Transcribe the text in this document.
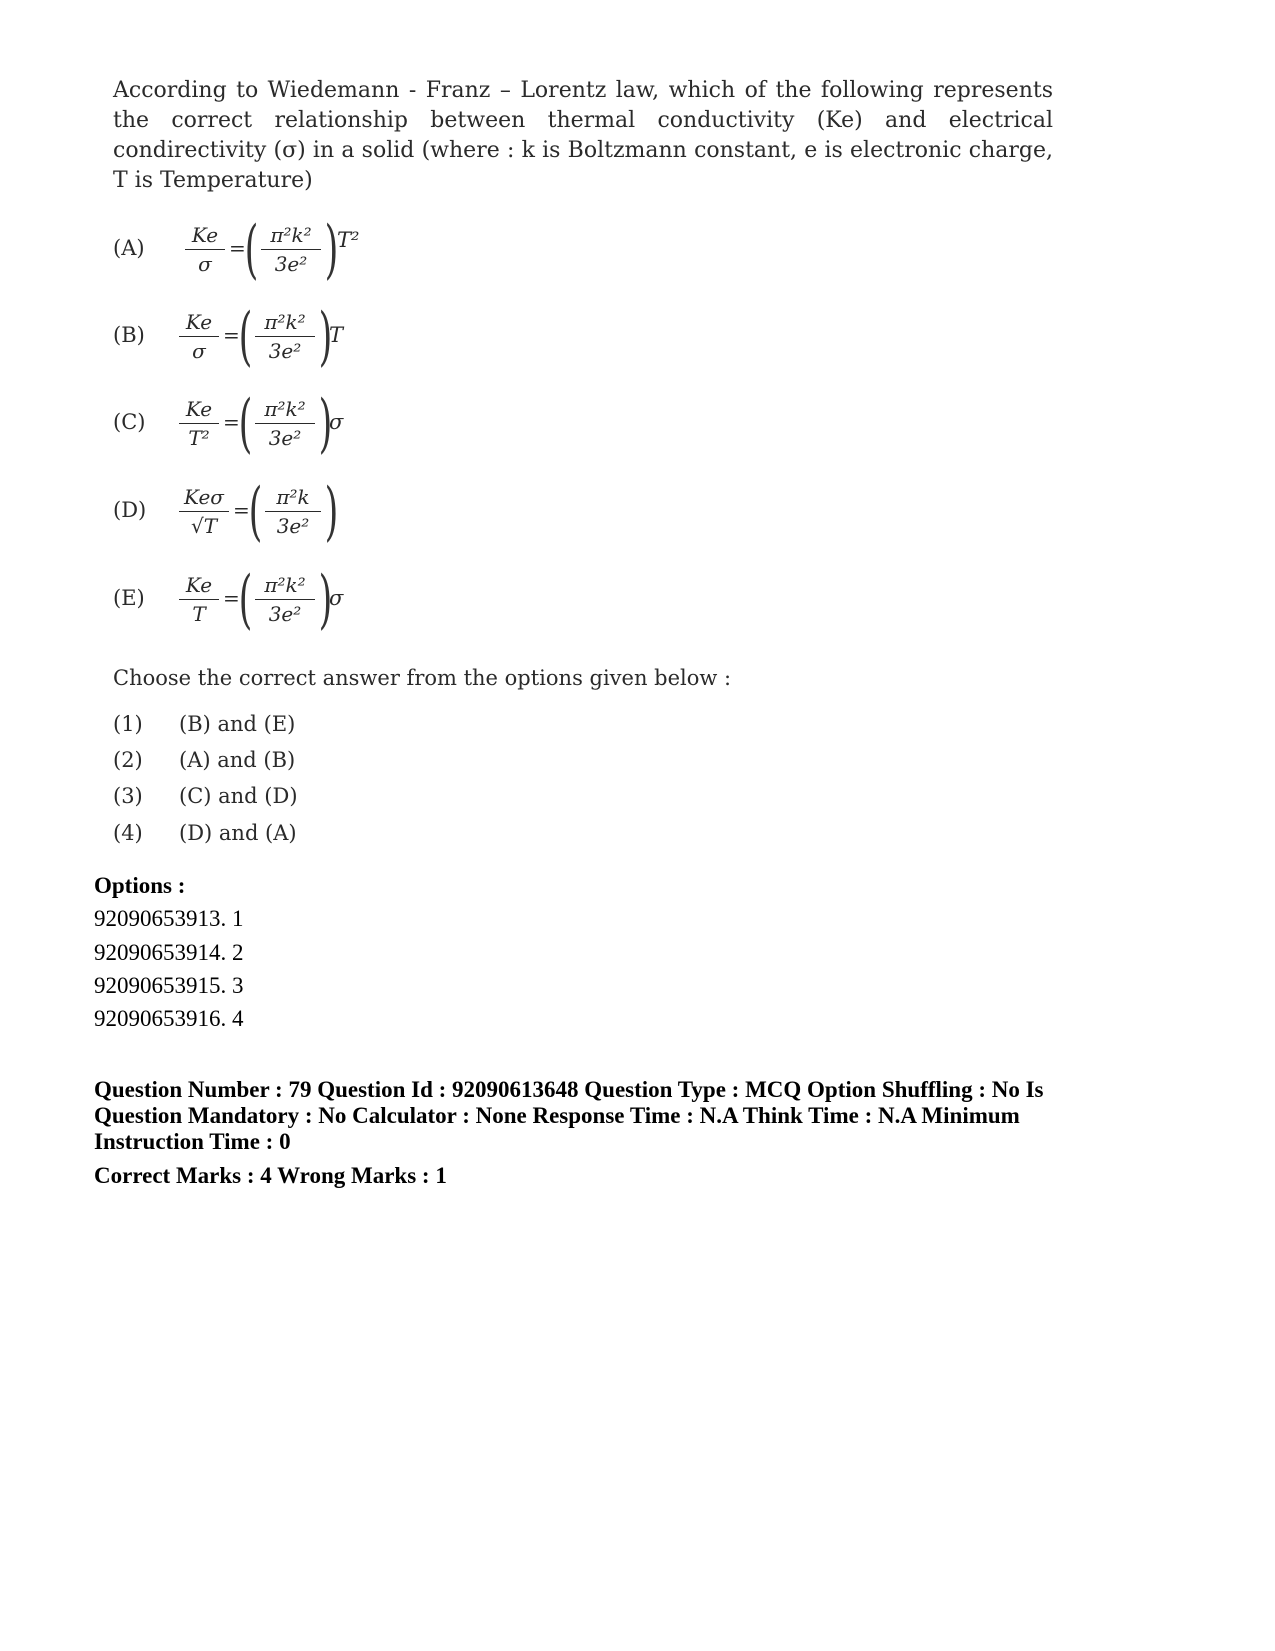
According to Wiedemann - Franz – Lorentz law, which of the following represents the correct relationship between thermal conductivity (Ke) and electrical condirectivity (σ) in a solid (where : k is Boltzmann constant, e is electronic charge, T is Temperature)

(A)
Ke
σ
=
( π²k²
3e² )
T²
(B)
Ke
σ
=
( π²k²
3e² )
T
(C)
Ke
T²
=
( π²k²
3e² )
σ
(D)
Keσ
√T
=
( π²k
3e² )
(E)
Ke
T
=
( π²k²
3e² )
σ
Choose the correct answer from the options given below :
(1) (B) and (E)
(2) (A) and (B)
(3) (C) and (D)
(4) (D) and (A)
Options :
92090653913. 1
92090653914. 2
92090653915. 3
92090653916. 4
Question Number : 79 Question Id : 92090613648 Question Type : MCQ Option Shuffling : No Is Question Mandatory : No Calculator : None Response Time : N.A Think Time : N.A Minimum Instruction Time : 0
Correct Marks : 4 Wrong Marks : 1
